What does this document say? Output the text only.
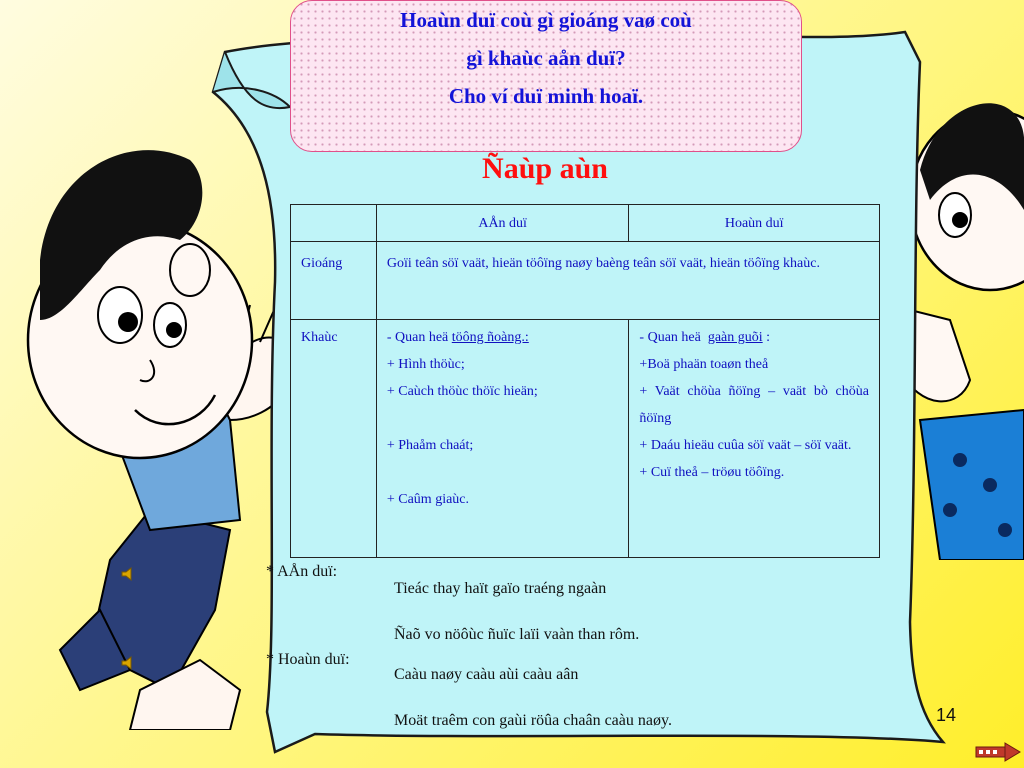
Hoaùn duï coù gì gioáng vaø coù
gì khaùc aån duï?
Cho ví duï minh hoaï.
Ñaùp aùn
	AÅn duï	Hoaùn duï
Gioáng	Goïi teân söï vaät, hieän töôïng naøy baèng teân söï vaät, hieän töôïng khaùc.	
Khaùc	- Quan heä töông ñoàng.:
+ Hình thöùc;
+ Caùch thöùc thöïc hieän;
+ Phaåm chaát;
+ Caûm giaùc.	- Quan heä  gaàn guõi :
+Boä phaän toaøn theå
+ Vaät chöùa ñöïng – vaät bò chöùa ñöïng
+ Daáu hieäu cuûa söï vaät – söï vaät.
+ Cuï theå – tröøu töôïng.
* AÅn duï:
Tieác thay haït gaïo traéng ngaàn
Ñaõ vo nöôùc ñuïc laïi vaàn than rôm.
* Hoaùn duï:
Caàu naøy caàu aùi caàu aân
Moät traêm con gaùi röûa chaân caàu naøy.	14
